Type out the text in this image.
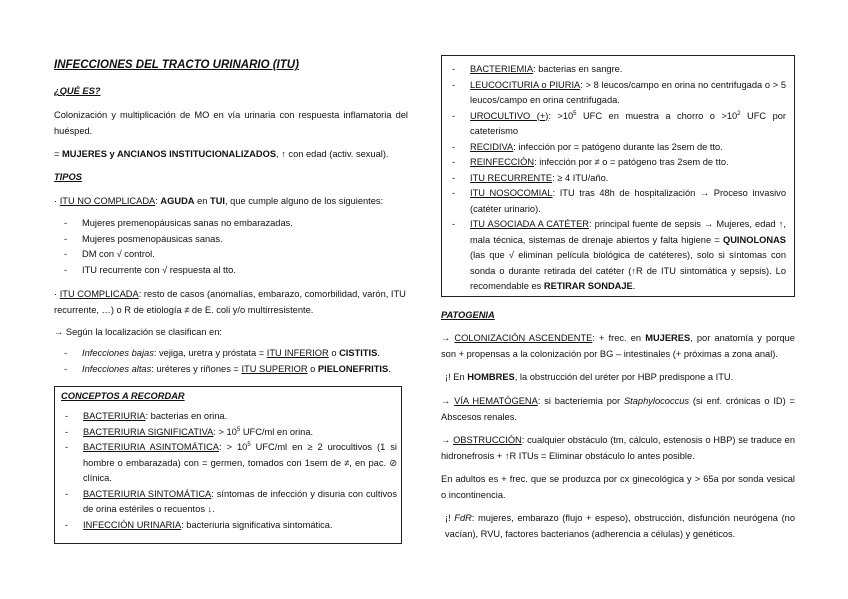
INFECCIONES DEL TRACTO URINARIO (ITU)

¿QUÉ ES?

Colonización y multiplicación de MO en vía urinaria con respuesta inflamatoria del huésped.

= MUJERES y ANCIANOS INSTITUCIONALIZADOS, ↑ con edad (activ. sexual).

TIPOS

· ITU NO COMPLICADA: AGUDA en TUI, que cumple alguno de los siguientes:

- Mujeres premenopáusicas sanas no embarazadas.
- Mujeres posmenopáusicas sanas.
- DM con √ control.
- ITU recurrente con √ respuesta al tto.

· ITU COMPLICADA: resto de casos (anomalías, embarazo, comorbilidad, varón, ITU recurrente, …) o R de etiología ≠ de E. coli y/o multirresistente.

→ Según la localización se clasifican en:

- Infecciones bajas: vejiga, uretra y próstata = ITU INFERIOR o CISTITIS.
- Infecciones altas: uréteres y riñones = ITU SUPERIOR o PIELONEFRITIS.

CONCEPTOS A RECORDAR

- BACTERIURIA: bacterias en orina.
- BACTERIURIA SIGNIFICATIVA: > $10^5$ UFC/ml en orina.
- BACTERIURIA ASINTOMÁTICA: > $10^5$ UFC/ml en ≥ 2 urocultivos (1 si hombre o embarazada) con = germen, tomados con 1sem de ≠, en pac. ⊘ clínica.
- BACTERIURIA SINTOMÁTICA: síntomas de infección y disuria con cultivos de orina estériles o recuentos ↓.
- INFECCIÓN URINARIA: bacteriuria significativa sintomática.
- BACTERIEMIA: bacterias en sangre.
- LEUCOCITURIA o PIURIA: > 8 leucos/campo en orina no centrifugada o > 5 leucos/campo en orina centrifugada.
- UROCULTIVO (+): $>10^5$ UFC en muestra a chorro $o >10^2$ UFC por cateterismo
- RECIDIVA: infección por = patógeno durante las 2sem de tto.
- REINFECCIÓN: infección por ≠ o = patógeno tras 2sem de tto.
- ITU RECURRENTE: ≥ 4 ITU/año.
- ITU NOSOCOMIAL: ITU tras 48h de hospitalización → Proceso invasivo (catéter urinario).
- ITU ASOCIADA A CATÉTER: principal fuente de sepsis → Mujeres, edad ↑, mala técnica, sistemas de drenaje abiertos y falta higiene = QUINOLONAS (las que √ eliminan película biológica de catéteres), solo si síntomas con sonda o durante retirada del catéter (↑R de ITU sintomática y sepsis). Lo recomendable es RETIRAR SONDAJE.

PATOGENIA

→ COLONIZACIÓN ASCENDENTE: + frec. en MUJERES, por anatomía y porque son + propensas a la colonización por BG – intestinales (+ próximas a zona anal).

¡! En HOMBRES, la obstrucción del uréter por HBP predispone a ITU.

→ VÍA HEMATÓGENA: si bacteriemia por Staphylococcus (si enf. crónicas o ID) = Abscesos renales.

→ OBSTRUCCIÓN: cualquier obstáculo (tm, cálculo, estenosis o HBP) se traduce en hidronefrosis + ↑R ITUs = Eliminar obstáculo lo antes posible.

En adultos es + frec. que se produzca por cx ginecológica y > 65a por sonda vesical o incontinencia.

¡! FdR: mujeres, embarazo (flujo + espeso), obstrucción, disfunción neurógena (no vacían), RVU, factores bacterianos (adherencia a células) y genéticos.
